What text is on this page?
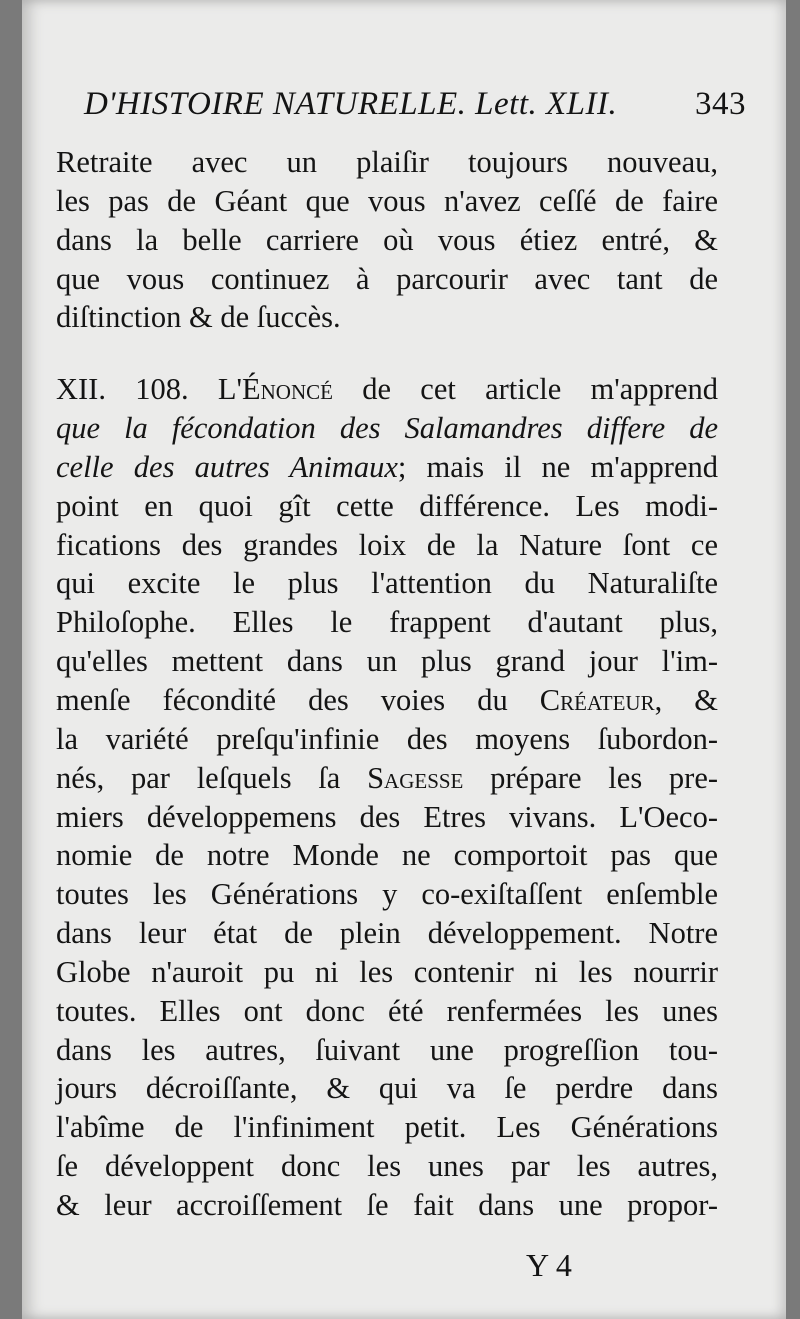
D'HISTOIRE NATURELLE. Lett. XLII. 343
Retraite avec un plaiſir toujours nouveau,
les pas de Géant que vous n'avez ceſſé de faire
dans la belle carriere où vous étiez entré, &
que vous continuez à parcourir avec tant de
diſtinction & de ſuccès.
XII. 108. L'Énoncé de cet article m'apprend
que la fécondation des Salamandres differe de
celle des autres Animaux; mais il ne m'apprend
point en quoi gît cette différence. Les modi-
fications des grandes loix de la Nature ſont ce
qui excite le plus l'attention du Naturaliſte
Philoſophe. Elles le frappent d'autant plus,
qu'elles mettent dans un plus grand jour l'im-
menſe fécondité des voies du Créateur, &
la variété preſqu'infinie des moyens ſubordon-
nés, par leſquels ſa Sagesse prépare les pre-
miers développemens des Etres vivans. L'Oeco-
nomie de notre Monde ne comportoit pas que
toutes les Générations y co-exiſtaſſent enſemble
dans leur état de plein développement. Notre
Globe n'auroit pu ni les contenir ni les nourrir
toutes. Elles ont donc été renfermées les unes
dans les autres, ſuivant une progreſſion tou-
jours décroiſſante, & qui va ſe perdre dans
l'abîme de l'infiniment petit. Les Générations
ſe développent donc les unes par les autres,
& leur accroiſſement ſe fait dans une propor-
Y 4
